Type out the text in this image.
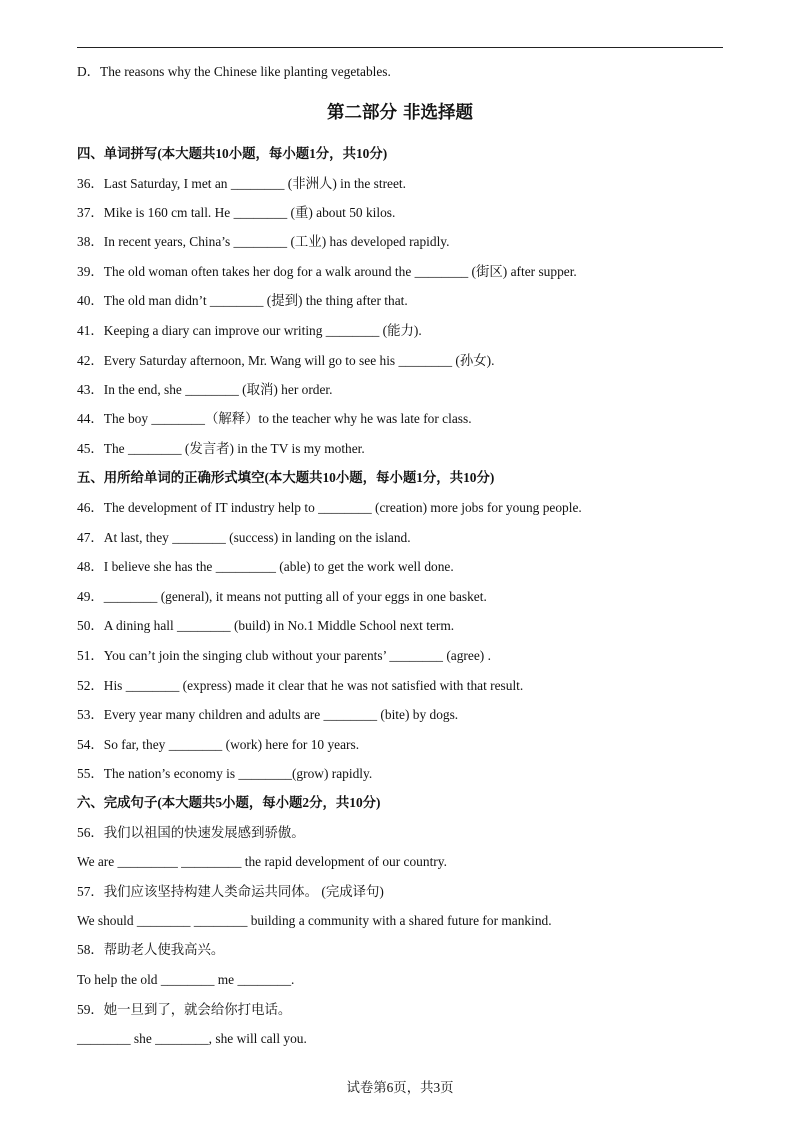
D．The reasons why the Chinese like planting vegetables.
第二部分 非选择题
四、单词拼写(本大题共10小题，每小题1分，共10分)
36．Last Saturday, I met an ________ (非洲人) in the street.
37．Mike is 160 cm tall. He ________ (重) about 50 kilos.
38．In recent years, China’s ________ (工业) has developed rapidly.
39．The old woman often takes her dog for a walk around the ________ (街区) after supper.
40．The old man didn’t ________ (提到) the thing after that.
41．Keeping a diary can improve our writing ________ (能力).
42．Every Saturday afternoon, Mr. Wang will go to see his ________ (孙女).
43．In the end, she ________ (取消) her order.
44．The boy ________（解释）to the teacher why he was late for class.
45．The ________ (发言者) in the TV is my mother.
五、用所给单词的正确形式填空(本大题共10小题，每小题1分，共10分)
46．The development of IT industry help to ________ (creation) more jobs for young people.
47．At last, they ________ (success) in landing on the island.
48．I believe she has the _________ (able) to get the work well done.
49．________ (general), it means not putting all of your eggs in one basket.
50．A dining hall ________ (build) in No.1 Middle School next term.
51．You can’t join the singing club without your parents’ ________ (agree) .
52．His ________ (express) made it clear that he was not satisfied with that result.
53．Every year many children and adults are ________ (bite) by dogs.
54．So far, they ________ (work) here for 10 years.
55．The nation’s economy is ________(grow) rapidly.
六、完成句子(本大题共5小题，每小题2分，共10分)
56．我们以祖国的快速发展感到骄傲。
We are _________ _________ the rapid development of our country.
57．我们应该坚持构建人类命运共同体。 (完成译句)
We should ________ ________ building a community with a shared future for mankind.
58．帮助老人使我高兴。
To help the old ________ me ________.
59．她一旦到了，就会给你打电话。
________ she ________, she will call you.
试卷第6页，共3页
